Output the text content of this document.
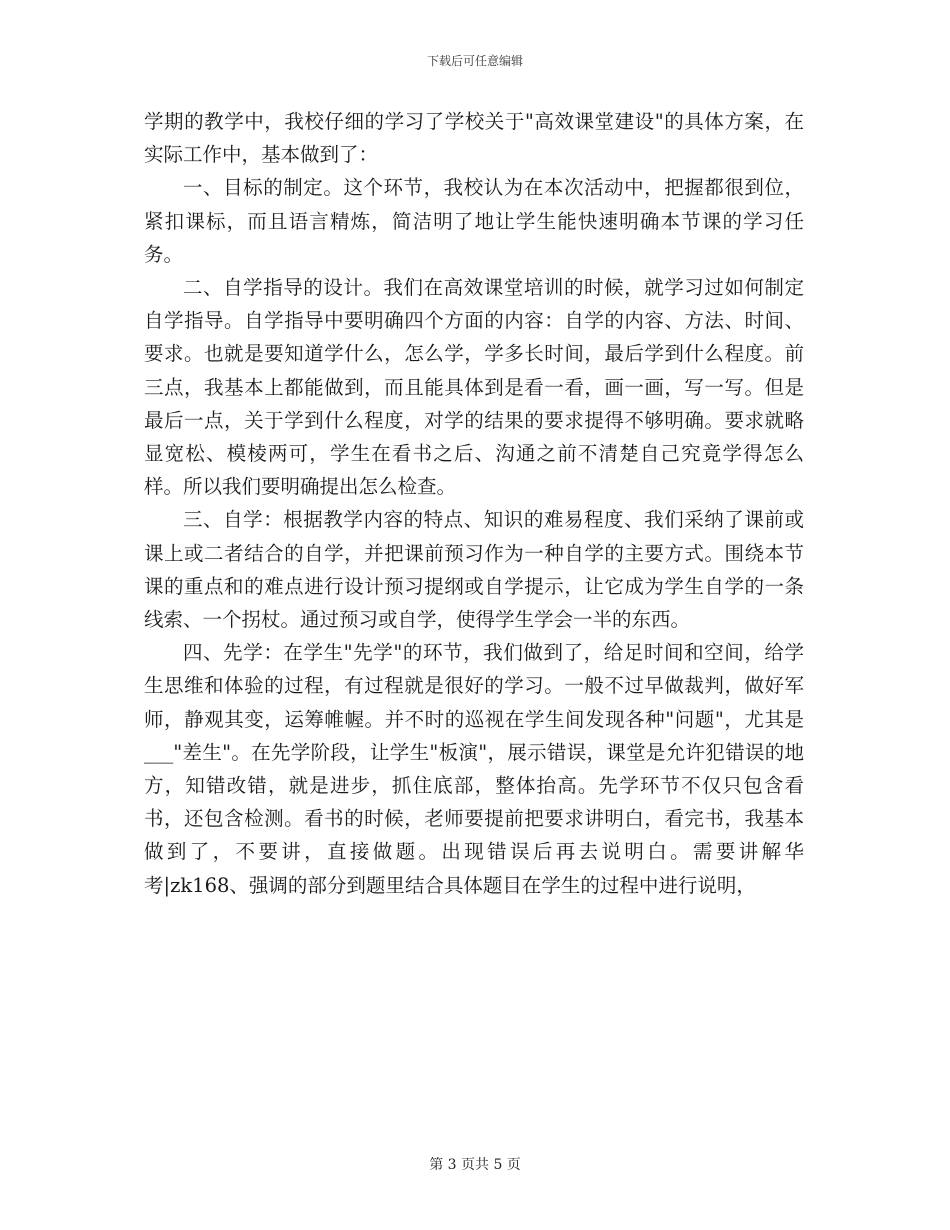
下载后可任意编辑

学期的教学中，我校仔细的学习了学校关于"高效课堂建设"的具体方案，在实际工作中，基本做到了：

一、目标的制定。这个环节，我校认为在本次活动中，把握都很到位，紧扣课标，而且语言精炼，简洁明了地让学生能快速明确本节课的学习任务。

二、自学指导的设计。我们在高效课堂培训的时候，就学习过如何制定自学指导。自学指导中要明确四个方面的内容：自学的内容、方法、时间、要求。也就是要知道学什么，怎么学，学多长时间，最后学到什么程度。前三点，我基本上都能做到，而且能具体到是看一看，画一画，写一写。但是最后一点，关于学到什么程度，对学的结果的要求提得不够明确。要求就略显宽松、模棱两可，学生在看书之后、沟通之前不清楚自己究竟学得怎么样。所以我们要明确提出怎么检查。

三、自学：根据教学内容的特点、知识的难易程度、我们采纳了课前或课上或二者结合的自学，并把课前预习作为一种自学的主要方式。围绕本节课的重点和的难点进行设计预习提纲或自学提示，让它成为学生自学的一条线索、一个拐杖。通过预习或自学，使得学生学会一半的东西。

四、先学：在学生"先学"的环节，我们做到了，给足时间和空间，给学生思维和体验的过程，有过程就是很好的学习。一般不过早做裁判，做好军师，静观其变，运筹帷幄。并不时的巡视在学生间发现各种"问题"，尤其是___"差生"。在先学阶段，让学生"板演"，展示错误，课堂是允许犯错误的地方，知错改错，就是进步，抓住底部，整体抬高。先学环节不仅只包含看书，还包含检测。看书的时候，老师要提前把要求讲明白，看完书，我基本做到了，不要讲，直接做题。出现错误后再去说明白。需要讲解华考|zk168、强调的部分到题里结合具体题目在学生的过程中进行说明，

第 3 页共 5 页
